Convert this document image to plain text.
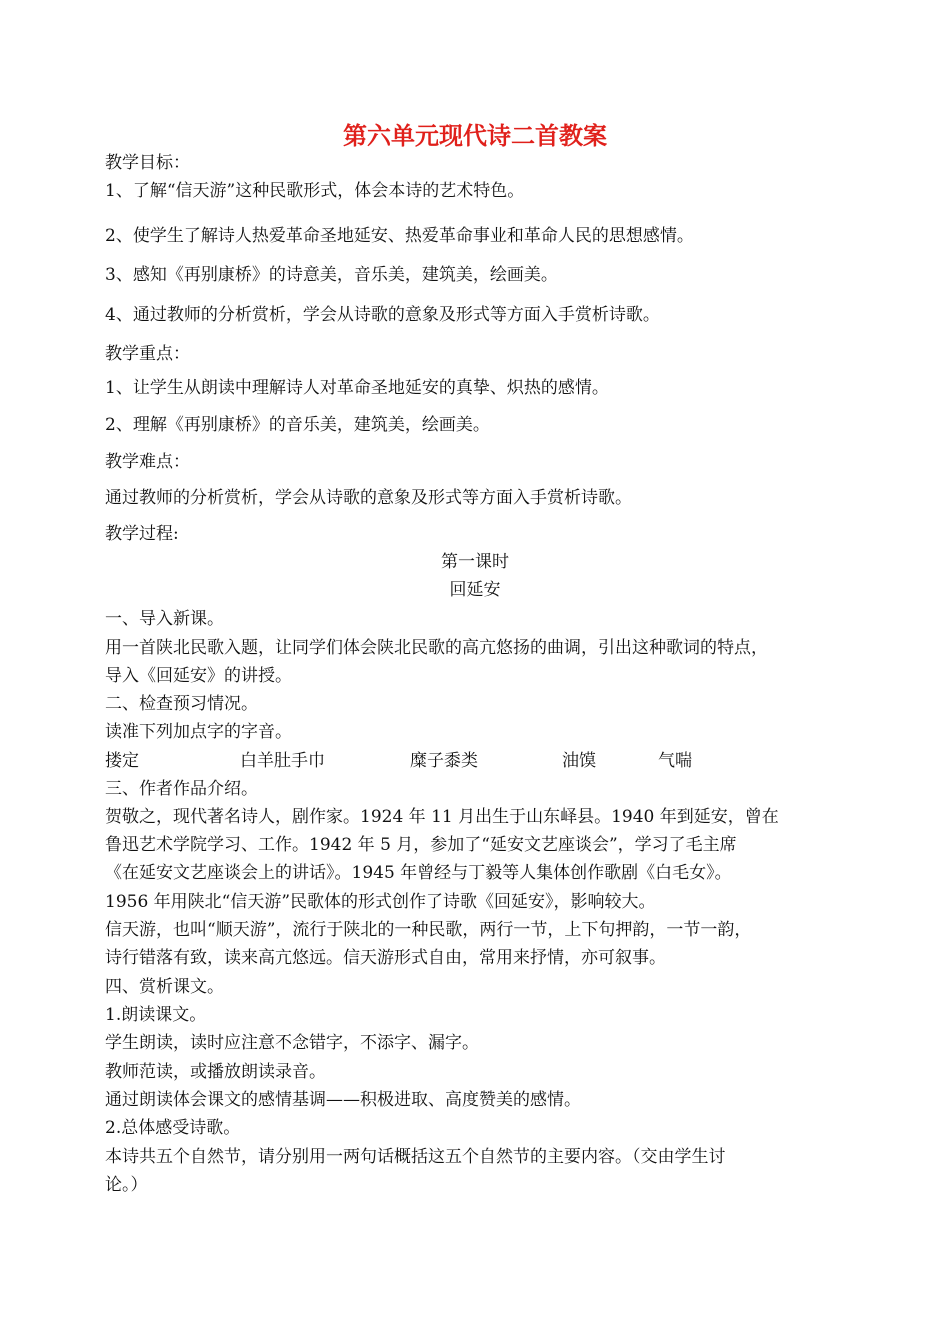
第六单元现代诗二首教案
教学目标：
1、了解“信天游”这种民歌形式，体会本诗的艺术特色。
2、使学生了解诗人热爱革命圣地延安、热爱革命事业和革命人民的思想感情。
3、感知《再别康桥》的诗意美，音乐美，建筑美，绘画美。
4、通过教师的分析赏析，学会从诗歌的意象及形式等方面入手赏析诗歌。
教学重点：
1、让学生从朗读中理解诗人对革命圣地延安的真挚、炽热的感情。
2、理解《再别康桥》的音乐美，建筑美，绘画美。
教学难点：
通过教师的分析赏析，学会从诗歌的意象及形式等方面入手赏析诗歌。
教学过程:
第一课时
回延安
一、导入新课。
用一首陕北民歌入题，让同学们体会陕北民歌的高亢悠扬的曲调，引出这种歌词的特点，
导入《回延安》的讲授。
二、检查预习情况。
读准下列加点字的字音。
搂定	白羊肚手巾	糜子黍类	油馍	气喘
三、作者作品介绍。
贺敬之，现代著名诗人，剧作家。1924 年 11 月出生于山东峄县。1940 年到延安，曾在
鲁迅艺术学院学习、工作。1942 年 5 月，参加了“延安文艺座谈会”，学习了毛主席
《在延安文艺座谈会上的讲话》。1945 年曾经与丁毅等人集体创作歌剧《白毛女》。
1956 年用陕北“信天游”民歌体的形式创作了诗歌《回延安》，影响较大。
信天游，也叫“顺天游”，流行于陕北的一种民歌，两行一节，上下句押韵，一节一韵，
诗行错落有致，读来高亢悠远。信天游形式自由，常用来抒情，亦可叙事。
四、赏析课文。
1.朗读课文。
学生朗读，读时应注意不念错字，不添字、漏字。
教师范读，或播放朗读录音。
通过朗读体会课文的感情基调——积极进取、高度赞美的感情。
2.总体感受诗歌。
本诗共五个自然节，请分别用一两句话概括这五个自然节的主要内容。（交由学生讨
论。）
